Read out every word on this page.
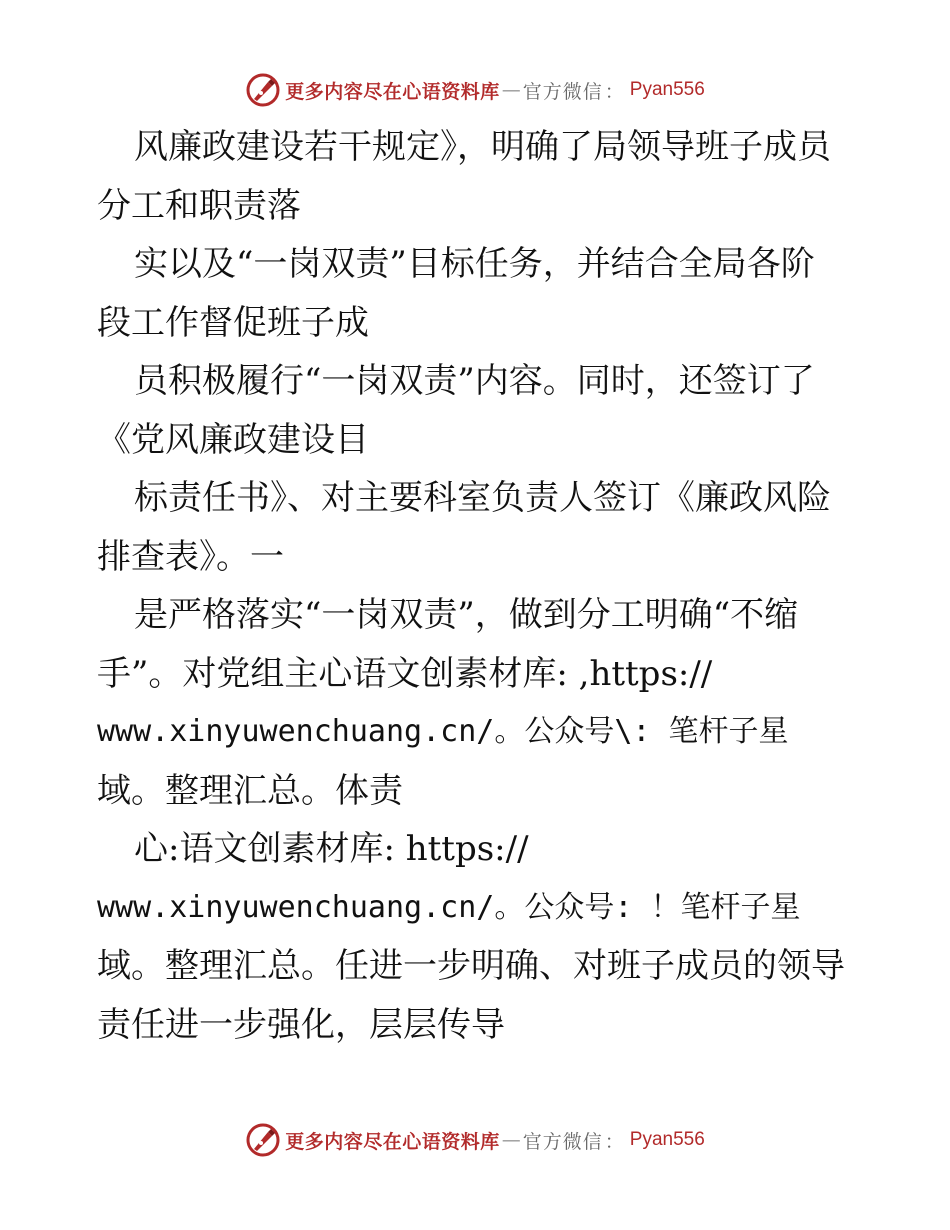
更多内容尽在心语资料库 — 官方微信 ： Pyan556
风廉政建设若干规定》，明确了局领导班子成员
分工和职责落
实以及“一岗双责”目标任务，并结合全局各阶
段工作督促班子成
员积极履行“一岗双责”内容。同时，还签订了
《党风廉政建设目
标责任书》、对主要科室负责人签订《廉政风险
排查表》。一
是严格落实“一岗双责”，做到分工明确“不缩
手”。对党组主心语文创素材库: ,https://
www.xinyuwenchuang.cn/。公众号\: 笔杆子星
域。整理汇总。体责
心:语文创素材库: https://
www.xinyuwenchuang.cn/。公众号: ！笔杆子星
域。整理汇总。任进一步明确、对班子成员的领导
责任进一步强化，层层传导
更多内容尽在心语资料库 — 官方微信 ： Pyan556
